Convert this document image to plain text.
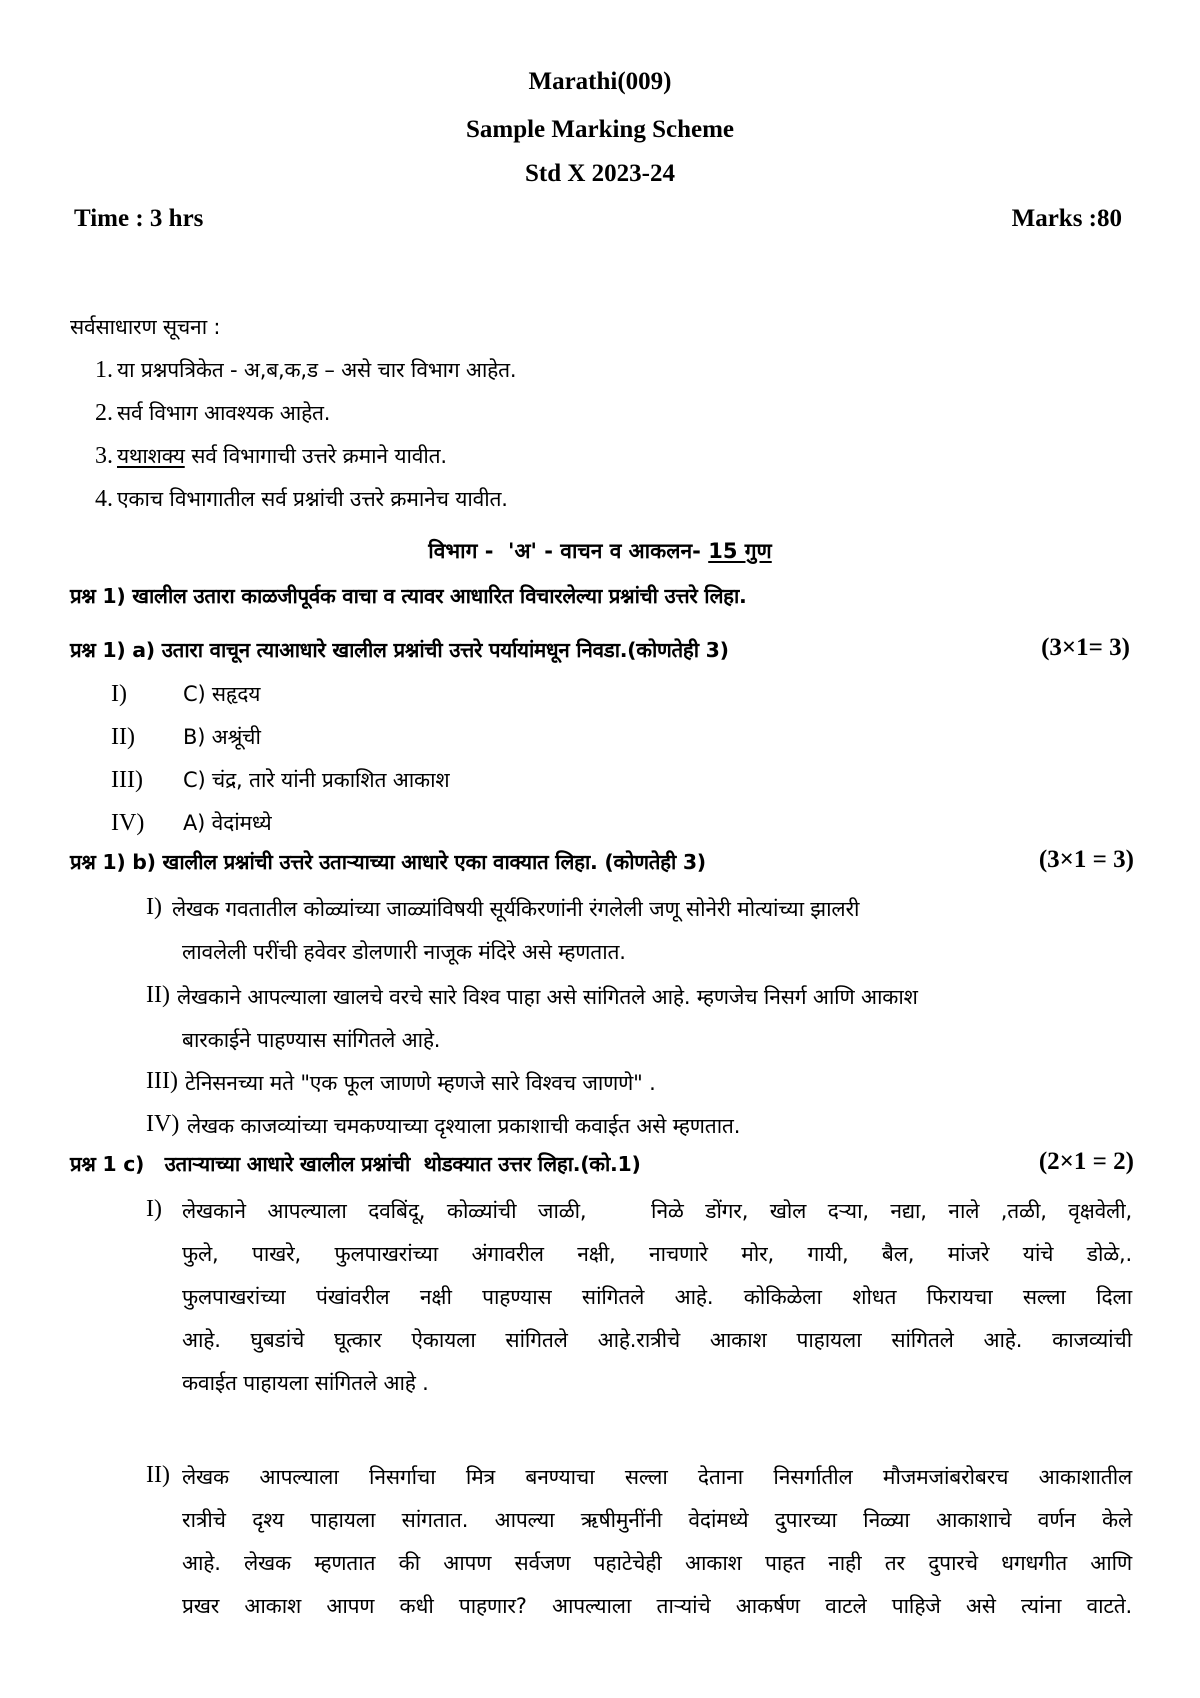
Marathi(009)
Sample Marking Scheme
Std X 2023-24
Time : 3 hrs	Marks :80
सर्वसाधारण सूचना :
1. या प्रश्नपत्रिकेत - अ,ब,क,ड – असे चार विभाग आहेत.
2. सर्व विभाग आवश्यक आहेत.
3. यथाशक्य सर्व विभागाची उत्तरे क्रमाने यावीत.
4. एकाच विभागातील सर्व प्रश्नांची उत्तरे क्रमानेच यावीत.
विभाग -  'अ' - वाचन व आकलन- 15 गुण
प्रश्न 1) खालील उतारा काळजीपूर्वक वाचा व त्यावर आधारित विचारलेल्या प्रश्नांची उत्तरे लिहा.
प्रश्न 1) a) उतारा वाचून त्याआधारे खालील प्रश्नांची उत्तरे पर्यायांमधून निवडा.(कोणतेही 3)	(3×1= 3)
I)	C) सहृदय
II)	B) अश्रूंची
III)	C) चंद्र, तारे यांनी प्रकाशित आकाश
IV)	A) वेदांमध्ये
प्रश्न 1) b) खालील प्रश्नांची उत्तरे उताऱ्याच्या आधारे एका वाक्यात लिहा. (कोणतेही 3)	(3×1 = 3)
I) लेखक गवतातील कोळ्यांच्या जाळ्यांविषयी सूर्यकिरणांनी रंगलेली जणू सोनेरी मोत्यांच्या झालरी
लावलेली परींची हवेवर डोलणारी नाजूक मंदिरे असे म्हणतात.
II) लेखकाने आपल्याला खालचे वरचे सारे विश्व पाहा असे सांगितले आहे. म्हणजेच निसर्ग आणि आकाश
बारकाईने पाहण्यास सांगितले आहे.
III) टेनिसनच्या मते "एक फूल जाणणे म्हणजे सारे विश्वच जाणणे" .
IV) लेखक काजव्यांच्या चमकण्याच्या दृश्याला प्रकाशाची कवाईत असे म्हणतात.
प्रश्न 1 c)   उताऱ्याच्या आधारे खालील प्रश्नांची  थोडक्यात उत्तर लिहा.(को.1)	(2×1 = 2)
I) लेखकाने आपल्याला दवबिंदू, कोळ्यांची जाळी,   निळे डोंगर, खोल दऱ्या, नद्या, नाले ,तळी, वृक्षवेली,
फुले, पाखरे, फुलपाखरांच्या अंगावरील नक्षी, नाचणारे मोर, गायी, बैल, मांजरे यांचे डोळे,.
फुलपाखरांच्या पंखांवरील नक्षी पाहण्यास सांगितले आहे. कोकिळेला शोधत फिरायचा सल्ला दिला
आहे. घुबडांचे घूत्कार ऐकायला सांगितले आहे.रात्रीचे आकाश पाहायला सांगितले आहे. काजव्यांची
कवाईत पाहायला सांगितले आहे .
II) लेखक आपल्याला निसर्गाचा मित्र बनण्याचा सल्ला देताना निसर्गातील मौजमजांबरोबरच आकाशातील
रात्रीचे दृश्य पाहायला सांगतात. आपल्या ऋषीमुनींनी वेदांमध्ये दुपारच्या निळ्या आकाशाचे वर्णन केले
आहे. लेखक म्हणतात की आपण सर्वजण पहाटेचेही आकाश पाहत नाही तर दुपारचे धगधगीत आणि
प्रखर आकाश आपण कधी पाहणार? आपल्याला ताऱ्यांचे आकर्षण वाटले पाहिजे असे त्यांना वाटते.
